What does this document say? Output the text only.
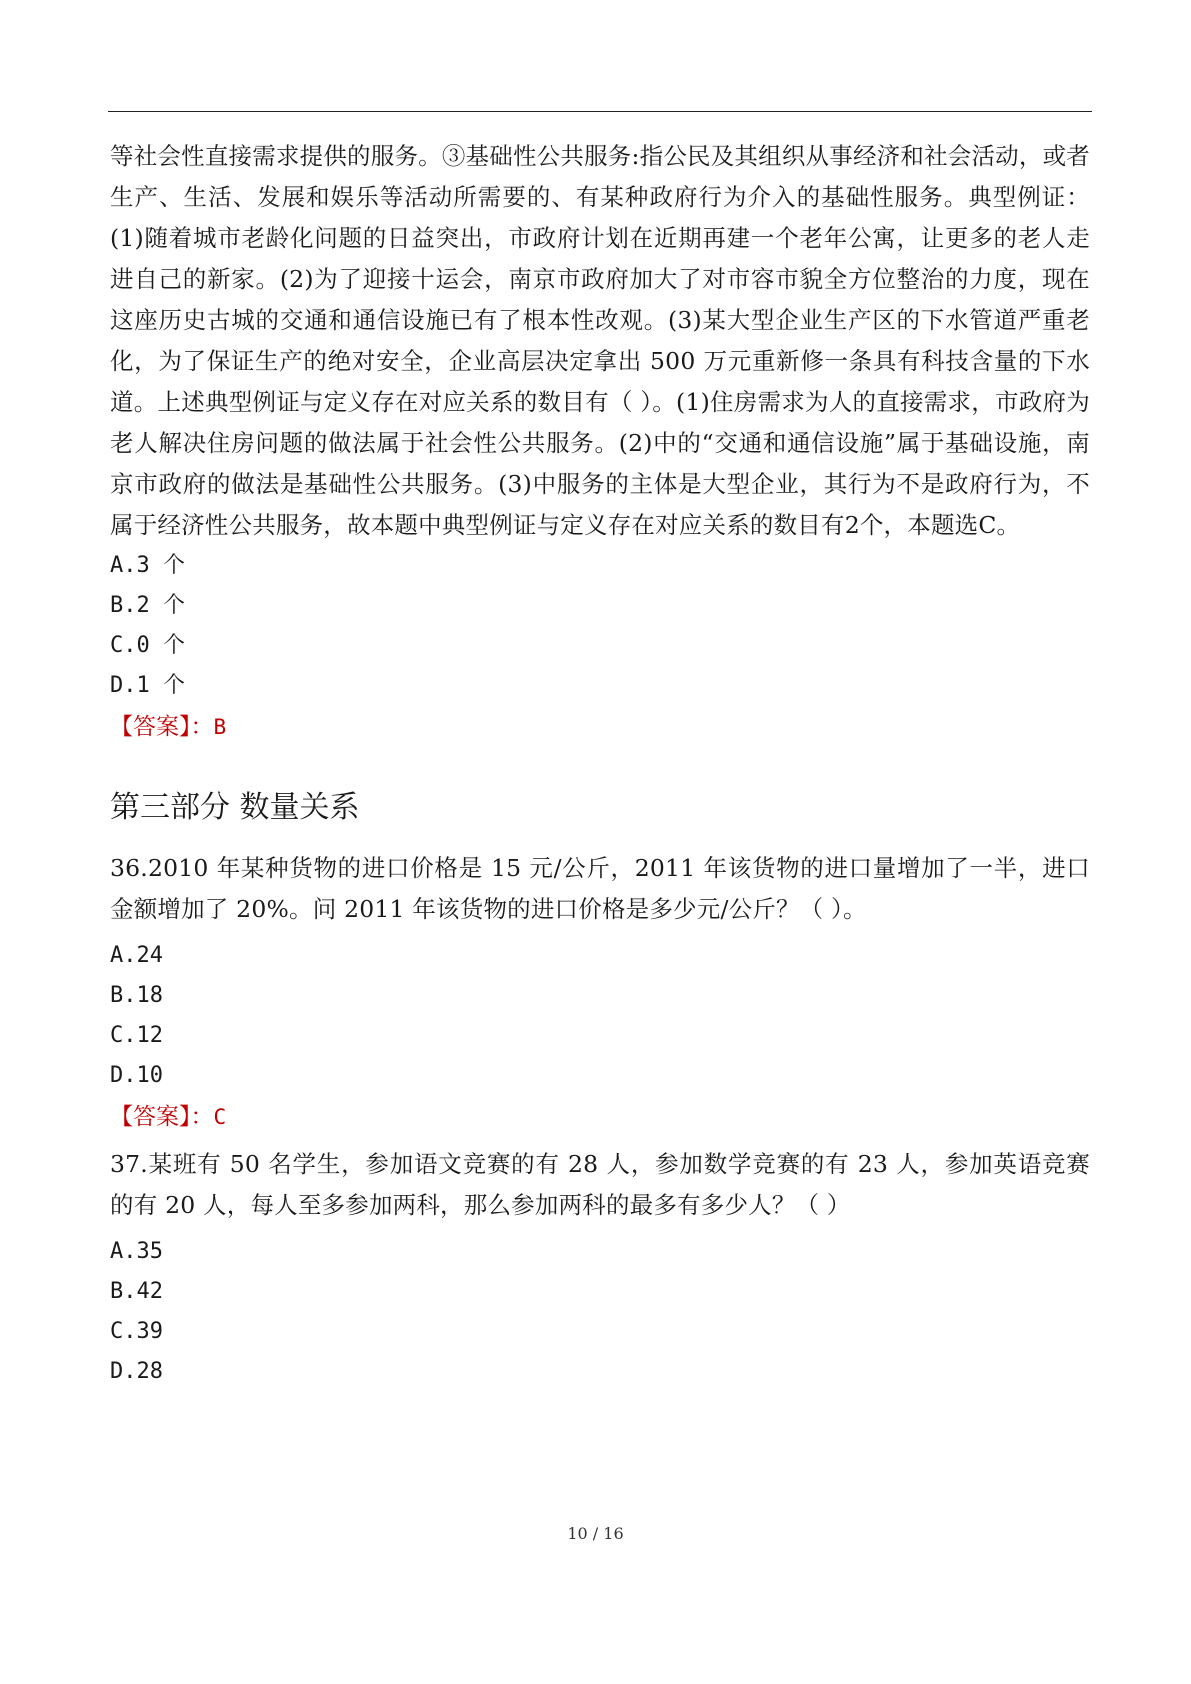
等社会性直接需求提供的服务。③基础性公共服务:指公民及其组织从事经济和社会活动，或者生产、生活、发展和娱乐等活动所需要的、有某种政府行为介入的基础性服务。典型例证：(1)随着城市老龄化问题的日益突出，市政府计划在近期再建一个老年公寓，让更多的老人走进自己的新家。(2)为了迎接十运会，南京市政府加大了对市容市貌全方位整治的力度，现在这座历史古城的交通和通信设施已有了根本性改观。(3)某大型企业生产区的下水管道严重老化，为了保证生产的绝对安全，企业高层决定拿出 500 万元重新修一条具有科技含量的下水道。上述典型例证与定义存在对应关系的数目有（ ）。(1)住房需求为人的直接需求，市政府为老人解决住房问题的做法属于社会性公共服务。(2)中的“交通和通信设施”属于基础设施，南京市政府的做法是基础性公共服务。(3)中服务的主体是大型企业，其行为不是政府行为，不属于经济性公共服务，故本题中典型例证与定义存在对应关系的数目有2个，本题选C。

A.3 个

B.2 个

C.0 个

D.1 个

【答案】：B

第三部分 数量关系

36.2010 年某种货物的进口价格是 15 元/公斤，2011 年该货物的进口量增加了一半，进口金额增加了 20%。问 2011 年该货物的进口价格是多少元/公斤？（ ）。

A.24

B.18

C.12

D.10

【答案】：C

37.某班有 50 名学生，参加语文竞赛的有 28 人，参加数学竞赛的有 23 人，参加英语竞赛的有 20 人，每人至多参加两科，那么参加两科的最多有多少人？（ ）

A.35

B.42

C.39

D.28

10 / 16
